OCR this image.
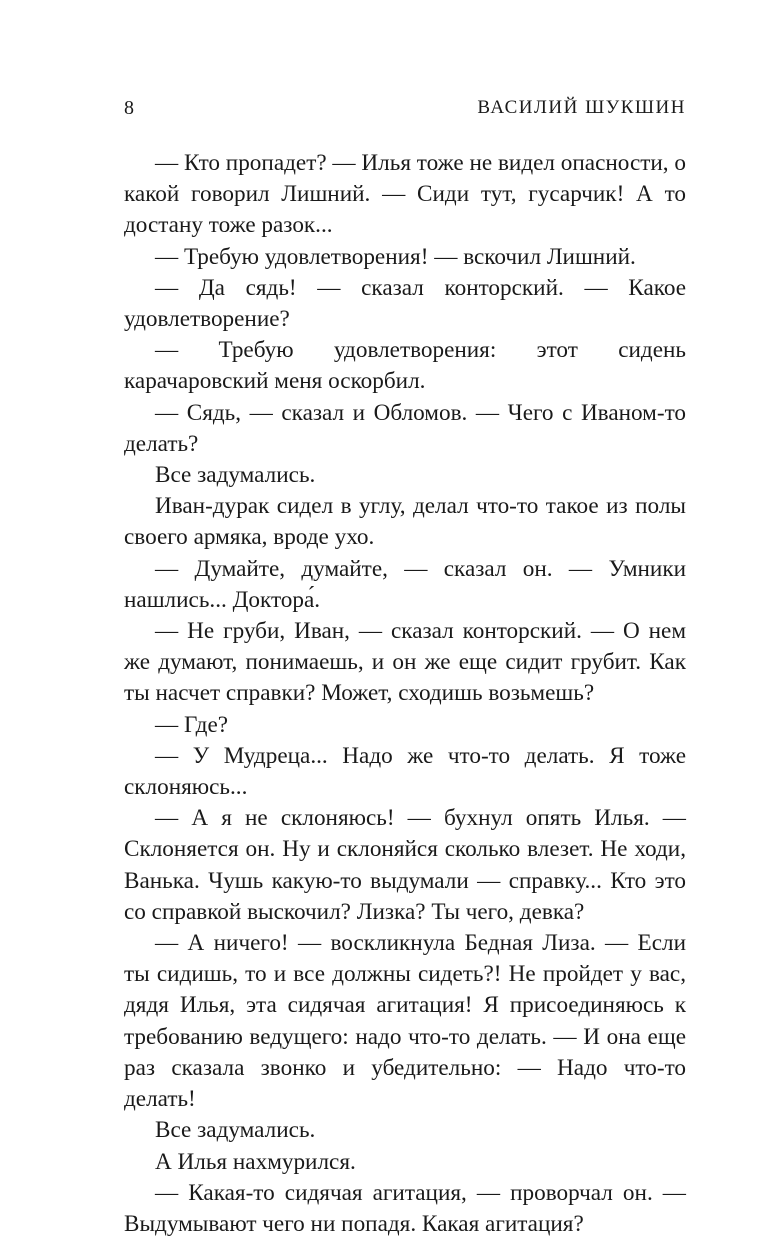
8	ВАСИЛИЙ ШУКШИН

— Кто пропадет? — Илья тоже не видел опасности, о какой говорил Лишний. — Сиди тут, гусарчик! А то достану тоже разок...

— Требую удовлетворения! — вскочил Лишний.

— Да сядь! — сказал конторский. — Какое удовлетворение?

— Требую удовлетворения: этот сидень карачаровский меня оскорбил.

— Сядь, — сказал и Обломов. — Чего с Иваном-то делать?

Все задумались.

Иван-дурак сидел в углу, делал что-то такое из полы своего армяка, вроде ухо.

— Думайте, думайте, — сказал он. — Умники нашлись... Доктора́.

— Не груби, Иван, — сказал конторский. — О нем же думают, понимаешь, и он же еще сидит грубит. Как ты насчет справки? Может, сходишь возьмешь?

— Где?

— У Мудреца... Надо же что-то делать. Я тоже склоняюсь...

— А я не склоняюсь! — бухнул опять Илья. — Склоняется он. Ну и склоняйся сколько влезет. Не ходи, Ванька. Чушь какую-то выдумали — справку... Кто это со справкой выскочил? Лизка? Ты чего, девка?

— А ничего! — воскликнула Бедная Лиза. — Если ты сидишь, то и все должны сидеть?! Не пройдет у вас, дядя Илья, эта сидячая агитация! Я присоединяюсь к требованию ведущего: надо что-то делать. — И она еще раз сказала звонко и убедительно: — Надо что-то делать!

Все задумались.

А Илья нахмурился.

— Какая-то сидячая агитация, — проворчал он. — Выдумывают чего ни попадя. Какая агитация?
